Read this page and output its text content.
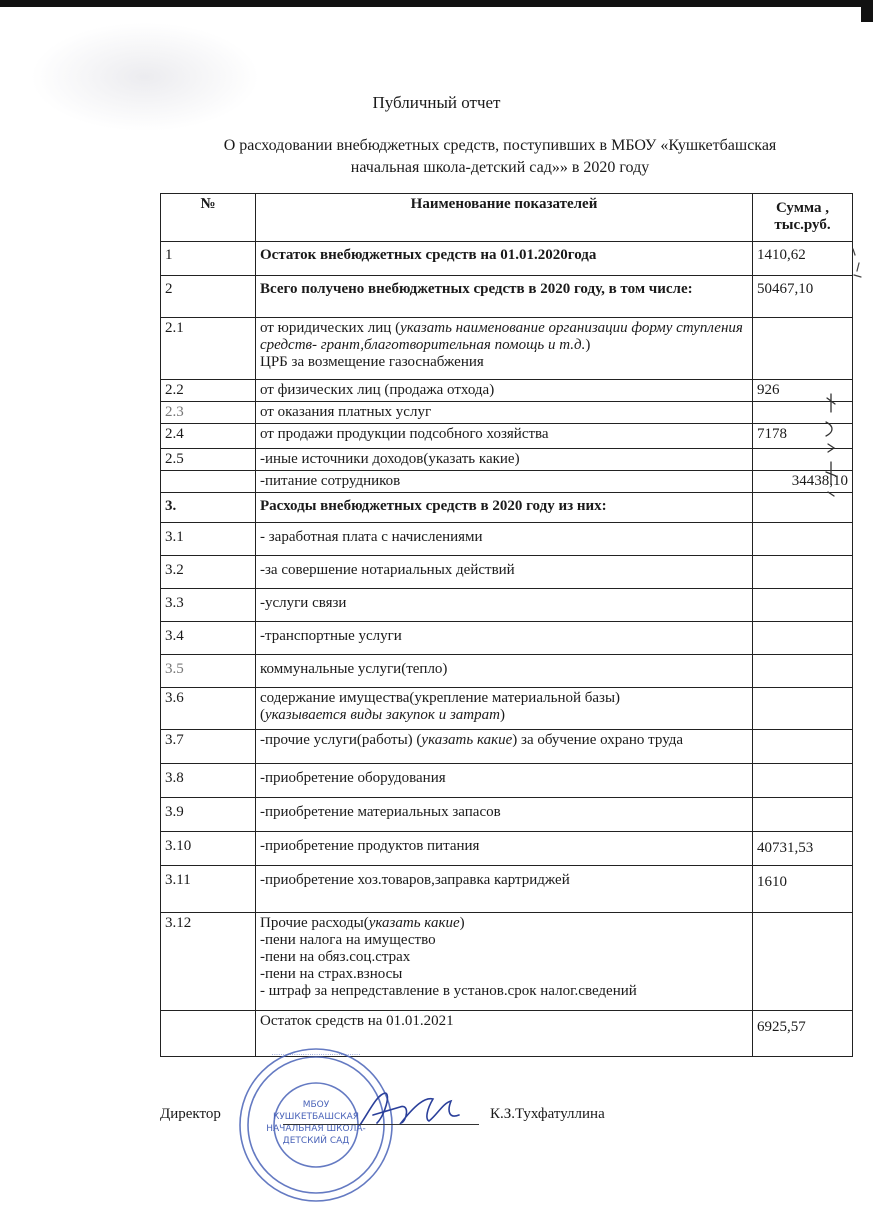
Публичный отчет
О расходовании внебюджетных средств, поступивших в МБОУ «Кушкетбашская
начальная школа-детский сад»» в 2020 году
№	Наименование показателей	Сумма ,
тыс.руб.
1	Остаток внебюджетных средств на 01.01.2020года	1410,62
2	Всего получено внебюджетных средств в 2020 году, в том числе:	50467,10
2.1	от юридических лиц (указать наименование организации форму ступления средств- грант,благотворительная помощь и т.д.)
ЦРБ за возмещение газоснабжения	
2.2	от физических лиц (продажа отхода)	926
2.3	от оказания платных услуг	
2.4	от продажи продукции подсобного хозяйства	7178
2.5	-иные источники доходов(указать какие)	
	-питание сотрудников	34438,10
3.	Расходы внебюджетных средств в 2020 году из них:	
3.1	- заработная плата с начислениями	
3.2	-за совершение нотариальных действий	
3.3	-услуги связи	
3.4	-транспортные услуги	
3.5	коммунальные услуги(тепло)	
3.6	содержание имущества(укрепление материальной базы)
(указывается виды закупок и затрат)	
3.7	-прочие услуги(работы) (указать какие) за обучение охрано труда	
3.8	-приобретение оборудования	
3.9	-приобретение материальных запасов	
3.10	-приобретение продуктов питания	40731,53
3.11	-приобретение хоз.товаров,заправка картриджей	1610
3.12	Прочие расходы(указать какие)
-пени налога на имущество
-пени на обяз.соц.страх
-пени на страх.взносы
- штраф за непредставление в установ.срок налог.сведений	
	Остаток средств на 01.01.2021	6925,57
········································
МБОУ
КУШКЕТБАШСКАЯ
НАЧАЛЬНАЯ ШКОЛА-
ДЕТСКИЙ САД
Директор	К.З.Тухфатуллина
